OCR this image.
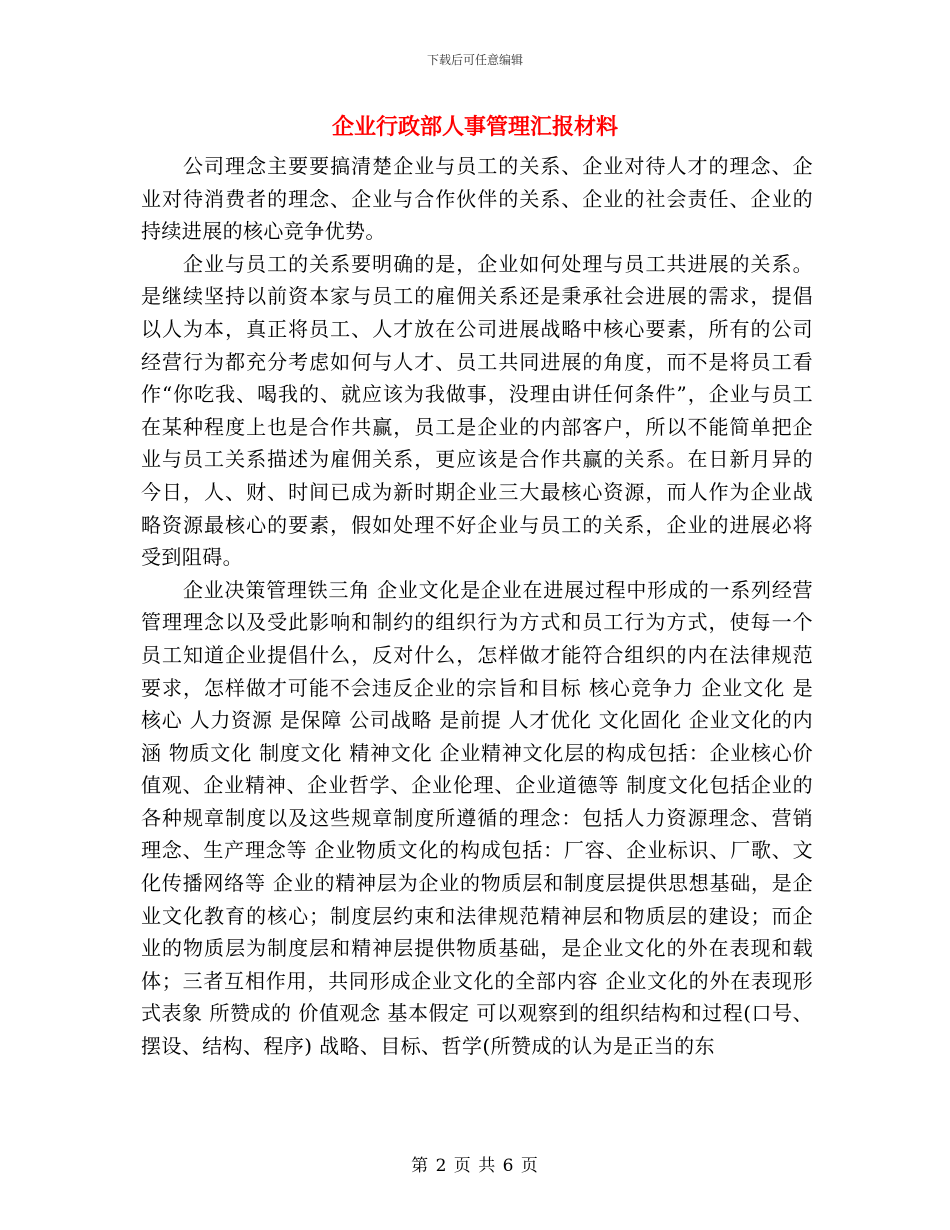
下载后可任意编辑
企业行政部人事管理汇报材料

公司理念主要要搞清楚企业与员工的关系、企业对待人才的理念、企业对待消费者的理念、企业与合作伙伴的关系、企业的社会责任、企业的持续进展的核心竞争优势。

企业与员工的关系要明确的是，企业如何处理与员工共进展的关系。是继续坚持以前资本家与员工的雇佣关系还是秉承社会进展的需求，提倡以人为本，真正将员工、人才放在公司进展战略中核心要素，所有的公司经营行为都充分考虑如何与人才、员工共同进展的角度，而不是将员工看作“你吃我、喝我的、就应该为我做事，没理由讲任何条件”，企业与员工在某种程度上也是合作共赢，员工是企业的内部客户，所以不能简单把企业与员工关系描述为雇佣关系，更应该是合作共赢的关系。在日新月异的今日，人、财、时间已成为新时期企业三大最核心资源，而人作为企业战略资源最核心的要素，假如处理不好企业与员工的关系，企业的进展必将受到阻碍。

企业决策管理铁三角 企业文化是企业在进展过程中形成的一系列经营管理理念以及受此影响和制约的组织行为方式和员工行为方式，使每一个员工知道企业提倡什么，反对什么，怎样做才能符合组织的内在法律规范要求，怎样做才可能不会违反企业的宗旨和目标 核心竞争力 企业文化 是核心 人力资源 是保障 公司战略 是前提 人才优化 文化固化 企业文化的内涵 物质文化 制度文化 精神文化 企业精神文化层的构成包括：企业核心价值观、企业精神、企业哲学、企业伦理、企业道德等 制度文化包括企业的各种规章制度以及这些规章制度所遵循的理念：包括人力资源理念、营销理念、生产理念等 企业物质文化的构成包括：厂容、企业标识、厂歌、文化传播网络等 企业的精神层为企业的物质层和制度层提供思想基础，是企业文化教育的核心；制度层约束和法律规范精神层和物质层的建设；而企业的物质层为制度层和精神层提供物质基础，是企业文化的外在表现和载体；三者互相作用，共同形成企业文化的全部内容 企业文化的外在表现形式表象 所赞成的 价值观念 基本假定 可以观察到的组织结构和过程(口号、摆设、结构、程序) 战略、目标、哲学(所赞成的认为是正当的东

第 2 页 共 6 页
